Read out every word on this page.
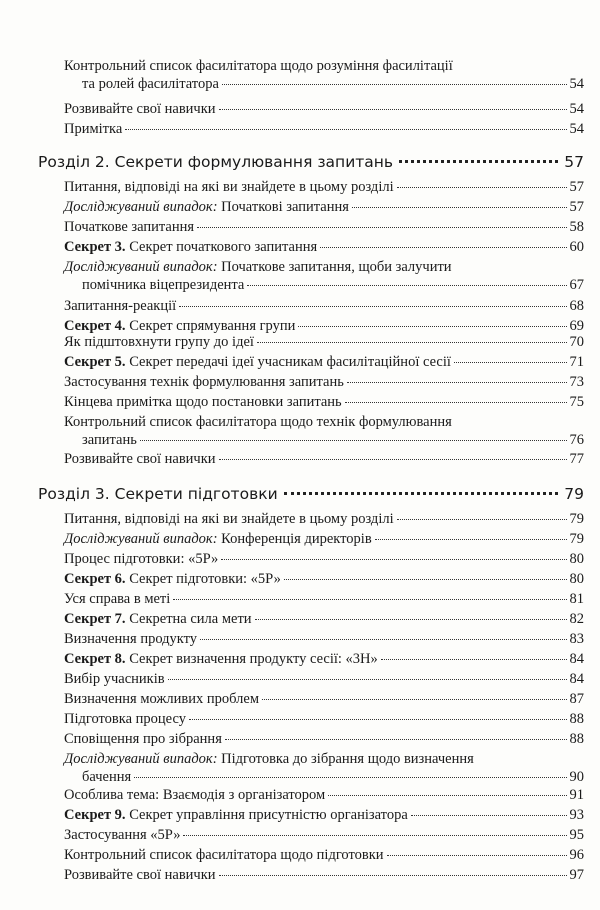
Контрольний список фасилітатора щодо розуміння фасилітації
та ролей фасилітатора	54
Розвивайте свої навички	54
Примітка	54
Розділ 2. Секрети формулювання запитань	57
Питання, відповіді на які ви знайдете в цьому розділі	57
Досліджуваний випадок: Початкові запитання	57
Початкове запитання	58
Секрет 3. Секрет початкового запитання	60
Досліджуваний випадок: Початкове запитання, щоби залучити
помічника віцепрезидента	67
Запитання-реакції	68
Секрет 4. Секрет спрямування групи	69
Як підштовхнути групу до ідеї	70
Секрет 5. Секрет передачі ідеї учасникам фасилітаційної сесії	71
Застосування технік формулювання запитань	73
Кінцева примітка щодо постановки запитань	75
Контрольний список фасилітатора щодо технік формулювання
запитань	76
Розвивайте свої навички	77
Розділ 3. Секрети підготовки	79
Питання, відповіді на які ви знайдете в цьому розділі	79
Досліджуваний випадок: Конференція директорів	79
Процес підготовки: «5Р»	80
Секрет 6. Секрет підготовки: «5Р»	80
Уся справа в меті	81
Секрет 7. Секретна сила мети	82
Визначення продукту	83
Секрет 8. Секрет визначення продукту сесії: «3Н»	84
Вибір учасників	84
Визначення можливих проблем	87
Підготовка процесу	88
Сповіщення про зібрання	88
Досліджуваний випадок: Підготовка до зібрання щодо визначення
бачення	90
Особлива тема: Взаємодія з організатором	91
Секрет 9. Секрет управління присутністю організатора	93
Застосування «5Р»	95
Контрольний список фасилітатора щодо підготовки	96
Розвивайте свої навички	97
